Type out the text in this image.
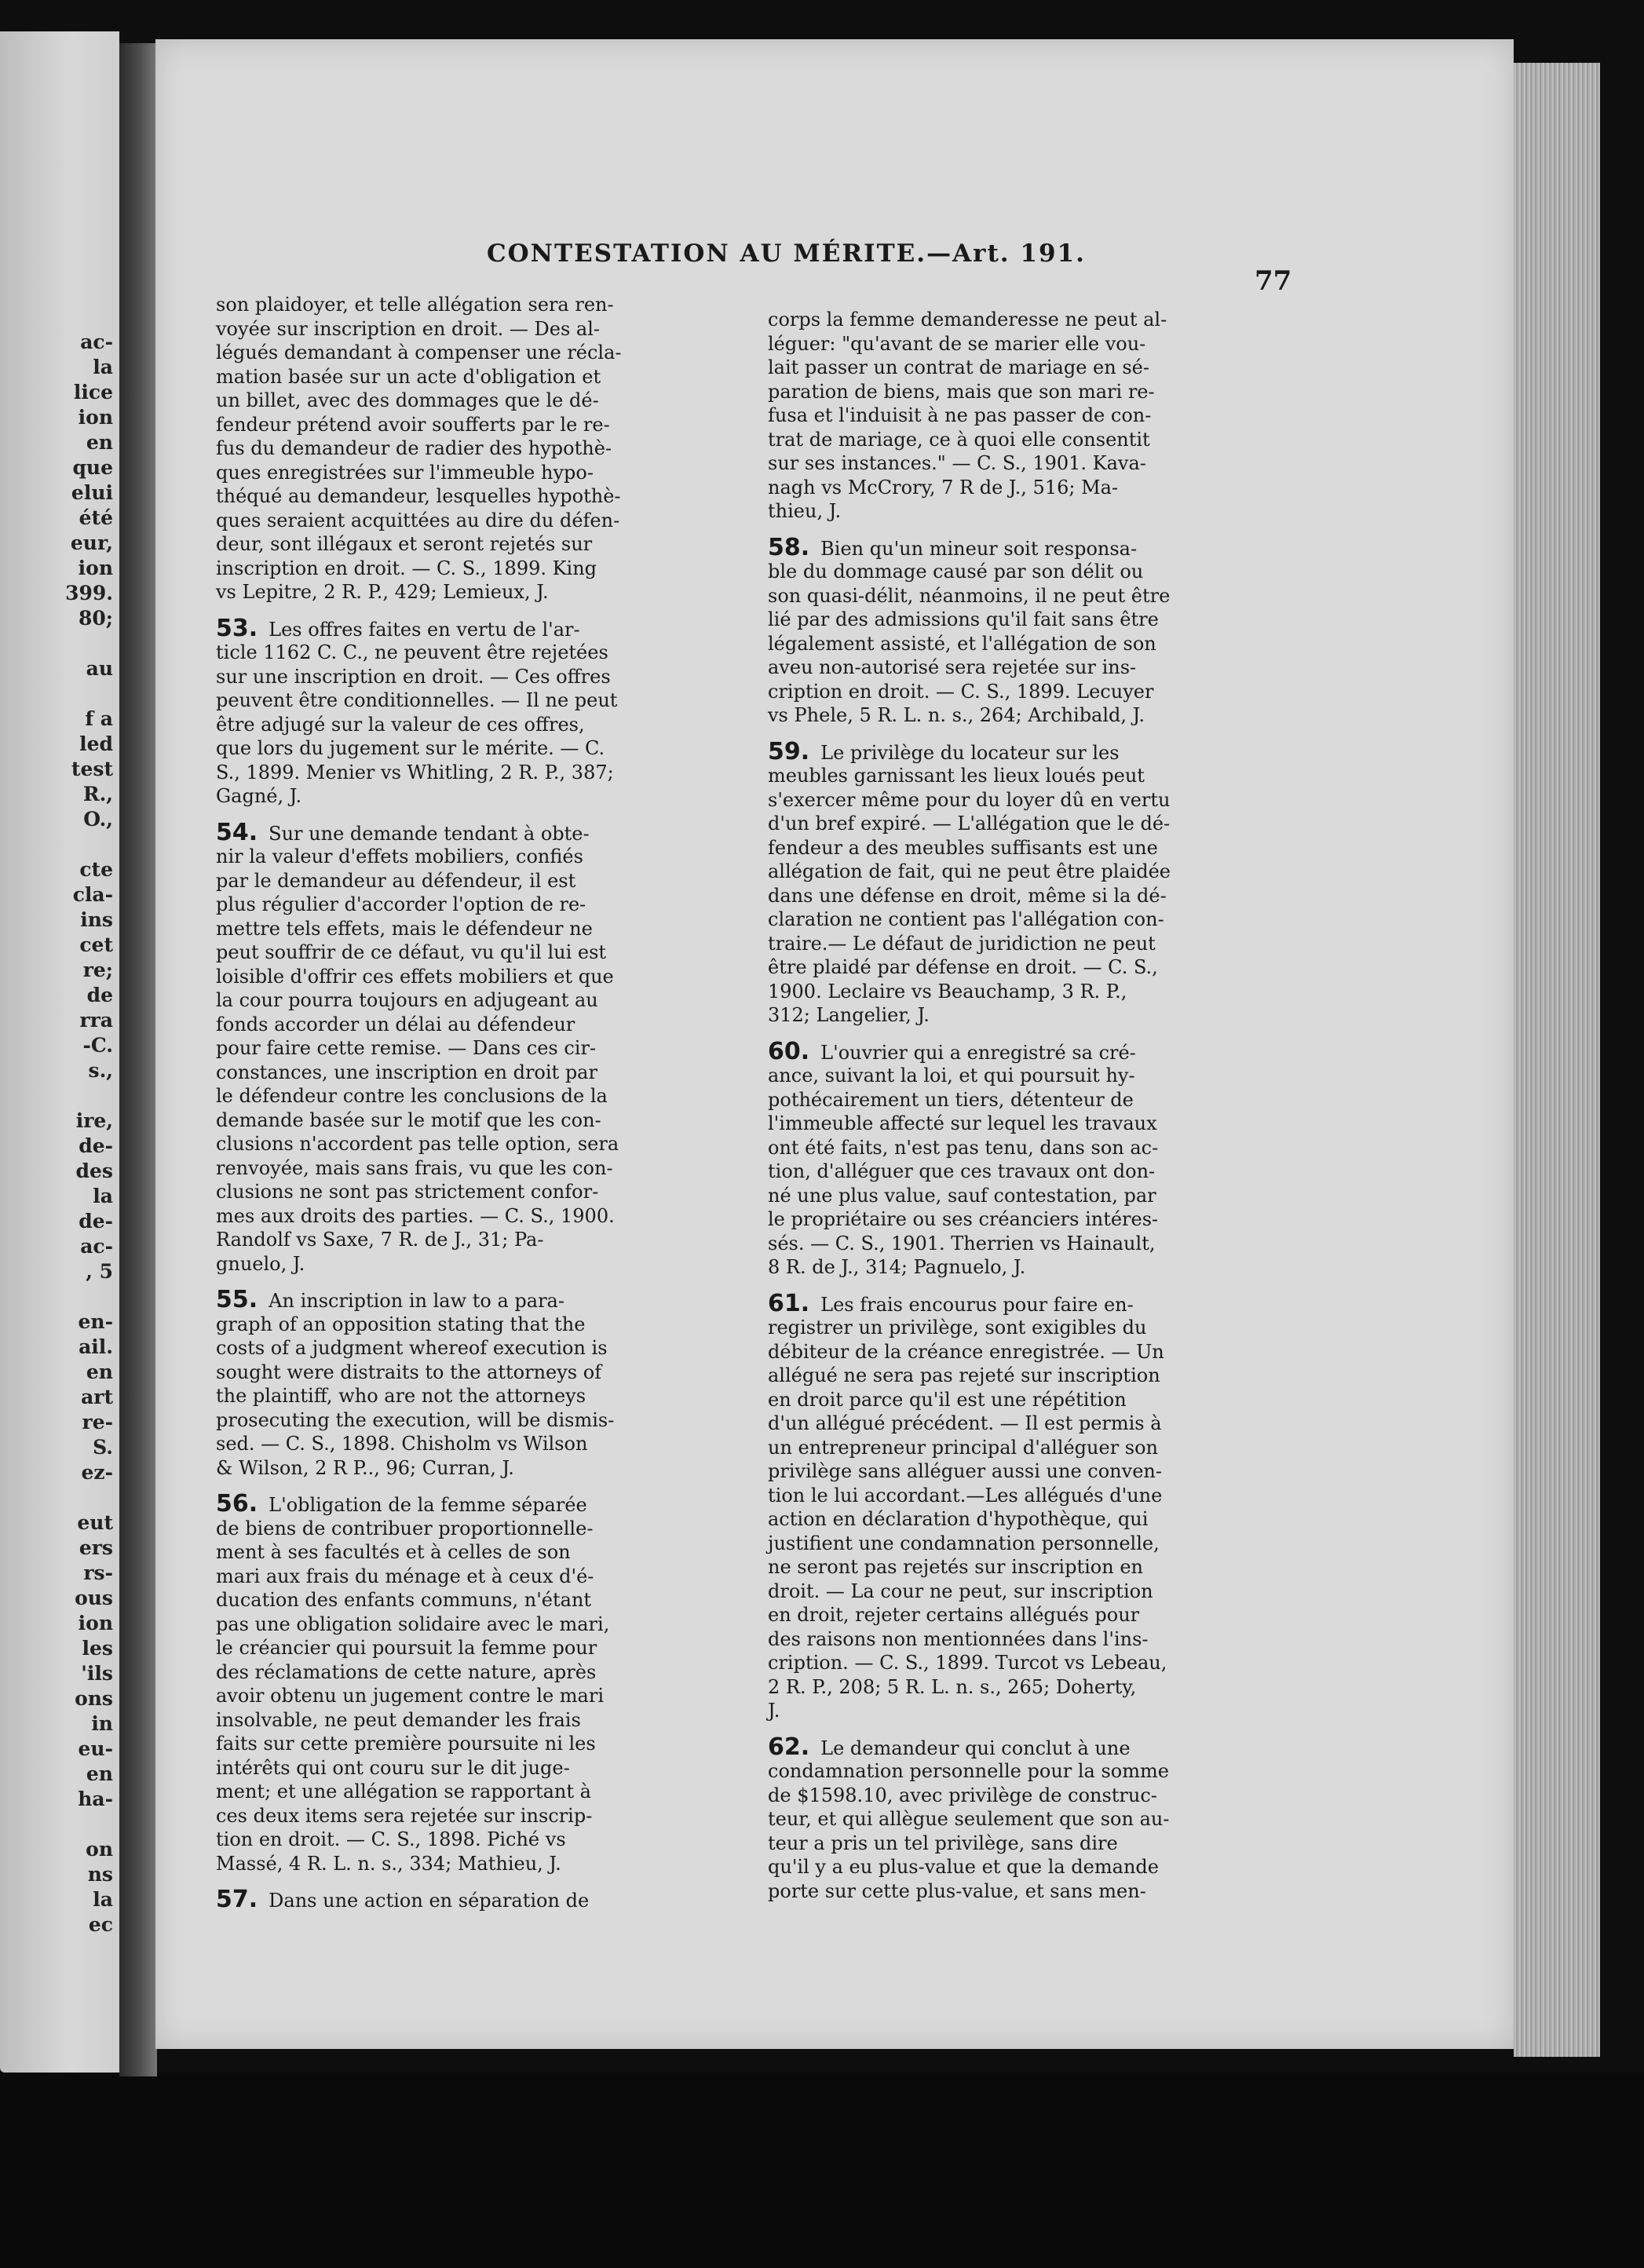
ac-
la
lice
ion
en
que
elui
été
eur,
ion
399.
80;
au
f a
led
test
R.,
O.,
cte
cla-
ins
cet
re;
de
rra
-C.
s.,
ire,
de-
des
la
de-
ac-
, 5
en-
ail.
en
art
re-
S.
ez-
eut
ers
rs-
ous
ion
les
'ils
ons
in
eu-
en
ha-
on
ns
la
ec
CONTESTATION AU MÉRITE.—Art. 191.
77
son plaidoyer, et telle allégation sera ren-
voyée sur inscription en droit. — Des al-
légués demandant à compenser une récla-
mation basée sur un acte d'obligation et
un billet, avec des dommages que le dé-
fendeur prétend avoir soufferts par le re-
fus du demandeur de radier des hypothè-
ques enregistrées sur l'immeuble hypo-
théqué au demandeur, lesquelles hypothè-
ques seraient acquittées au dire du défen-
deur, sont illégaux et seront rejetés sur
inscription en droit. — C. S., 1899. King
vs Lepitre, 2 R. P., 429; Lemieux, J.
53. Les offres faites en vertu de l'ar-
ticle 1162 C. C., ne peuvent être rejetées
sur une inscription en droit. — Ces offres
peuvent être conditionnelles. — Il ne peut
être adjugé sur la valeur de ces offres,
que lors du jugement sur le mérite. — C.
S., 1899. Menier vs Whitling, 2 R. P., 387;
Gagné, J.
54. Sur une demande tendant à obte-
nir la valeur d'effets mobiliers, confiés
par le demandeur au défendeur, il est
plus régulier d'accorder l'option de re-
mettre tels effets, mais le défendeur ne
peut souffrir de ce défaut, vu qu'il lui est
loisible d'offrir ces effets mobiliers et que
la cour pourra toujours en adjugeant au
fonds accorder un délai au défendeur
pour faire cette remise. — Dans ces cir-
constances, une inscription en droit par
le défendeur contre les conclusions de la
demande basée sur le motif que les con-
clusions n'accordent pas telle option, sera
renvoyée, mais sans frais, vu que les con-
clusions ne sont pas strictement confor-
mes aux droits des parties. — C. S., 1900.
Randolf vs Saxe, 7 R. de J., 31; Pa-
gnuelo, J.
55. An inscription in law to a para-
graph of an opposition stating that the
costs of a judgment whereof execution is
sought were distraits to the attorneys of
the plaintiff, who are not the attorneys
prosecuting the execution, will be dismis-
sed. — C. S., 1898. Chisholm vs Wilson
& Wilson, 2 R P.., 96; Curran, J.
56. L'obligation de la femme séparée
de biens de contribuer proportionnelle-
ment à ses facultés et à celles de son
mari aux frais du ménage et à ceux d'é-
ducation des enfants communs, n'étant
pas une obligation solidaire avec le mari,
le créancier qui poursuit la femme pour
des réclamations de cette nature, après
avoir obtenu un jugement contre le mari
insolvable, ne peut demander les frais
faits sur cette première poursuite ni les
intérêts qui ont couru sur le dit juge-
ment; et une allégation se rapportant à
ces deux items sera rejetée sur inscrip-
tion en droit. — C. S., 1898. Piché vs
Massé, 4 R. L. n. s., 334; Mathieu, J.
57. Dans une action en séparation de
corps la femme demanderesse ne peut al-
léguer: "qu'avant de se marier elle vou-
lait passer un contrat de mariage en sé-
paration de biens, mais que son mari re-
fusa et l'induisit à ne pas passer de con-
trat de mariage, ce à quoi elle consentit
sur ses instances." — C. S., 1901. Kava-
nagh vs McCrory, 7 R de J., 516; Ma-
thieu, J.
58. Bien qu'un mineur soit responsa-
ble du dommage causé par son délit ou
son quasi-délit, néanmoins, il ne peut être
lié par des admissions qu'il fait sans être
légalement assisté, et l'allégation de son
aveu non-autorisé sera rejetée sur ins-
cription en droit. — C. S., 1899. Lecuyer
vs Phele, 5 R. L. n. s., 264; Archibald, J.
59. Le privilège du locateur sur les
meubles garnissant les lieux loués peut
s'exercer même pour du loyer dû en vertu
d'un bref expiré. — L'allégation que le dé-
fendeur a des meubles suffisants est une
allégation de fait, qui ne peut être plaidée
dans une défense en droit, même si la dé-
claration ne contient pas l'allégation con-
traire.— Le défaut de juridiction ne peut
être plaidé par défense en droit. — C. S.,
1900. Leclaire vs Beauchamp, 3 R. P.,
312; Langelier, J.
60. L'ouvrier qui a enregistré sa cré-
ance, suivant la loi, et qui poursuit hy-
pothécairement un tiers, détenteur de
l'immeuble affecté sur lequel les travaux
ont été faits, n'est pas tenu, dans son ac-
tion, d'alléguer que ces travaux ont don-
né une plus value, sauf contestation, par
le propriétaire ou ses créanciers intéres-
sés. — C. S., 1901. Therrien vs Hainault,
8 R. de J., 314; Pagnuelo, J.
61. Les frais encourus pour faire en-
registrer un privilège, sont exigibles du
débiteur de la créance enregistrée. — Un
allégué ne sera pas rejeté sur inscription
en droit parce qu'il est une répétition
d'un allégué précédent. — Il est permis à
un entrepreneur principal d'alléguer son
privilège sans alléguer aussi une conven-
tion le lui accordant.—Les allégués d'une
action en déclaration d'hypothèque, qui
justifient une condamnation personnelle,
ne seront pas rejetés sur inscription en
droit. — La cour ne peut, sur inscription
en droit, rejeter certains allégués pour
des raisons non mentionnées dans l'ins-
cription. — C. S., 1899. Turcot vs Lebeau,
2 R. P., 208; 5 R. L. n. s., 265; Doherty,
J.
62. Le demandeur qui conclut à une
condamnation personnelle pour la somme
de $1598.10, avec privilège de construc-
teur, et qui allègue seulement que son au-
teur a pris un tel privilège, sans dire
qu'il y a eu plus-value et que la demande
porte sur cette plus-value, et sans men-
